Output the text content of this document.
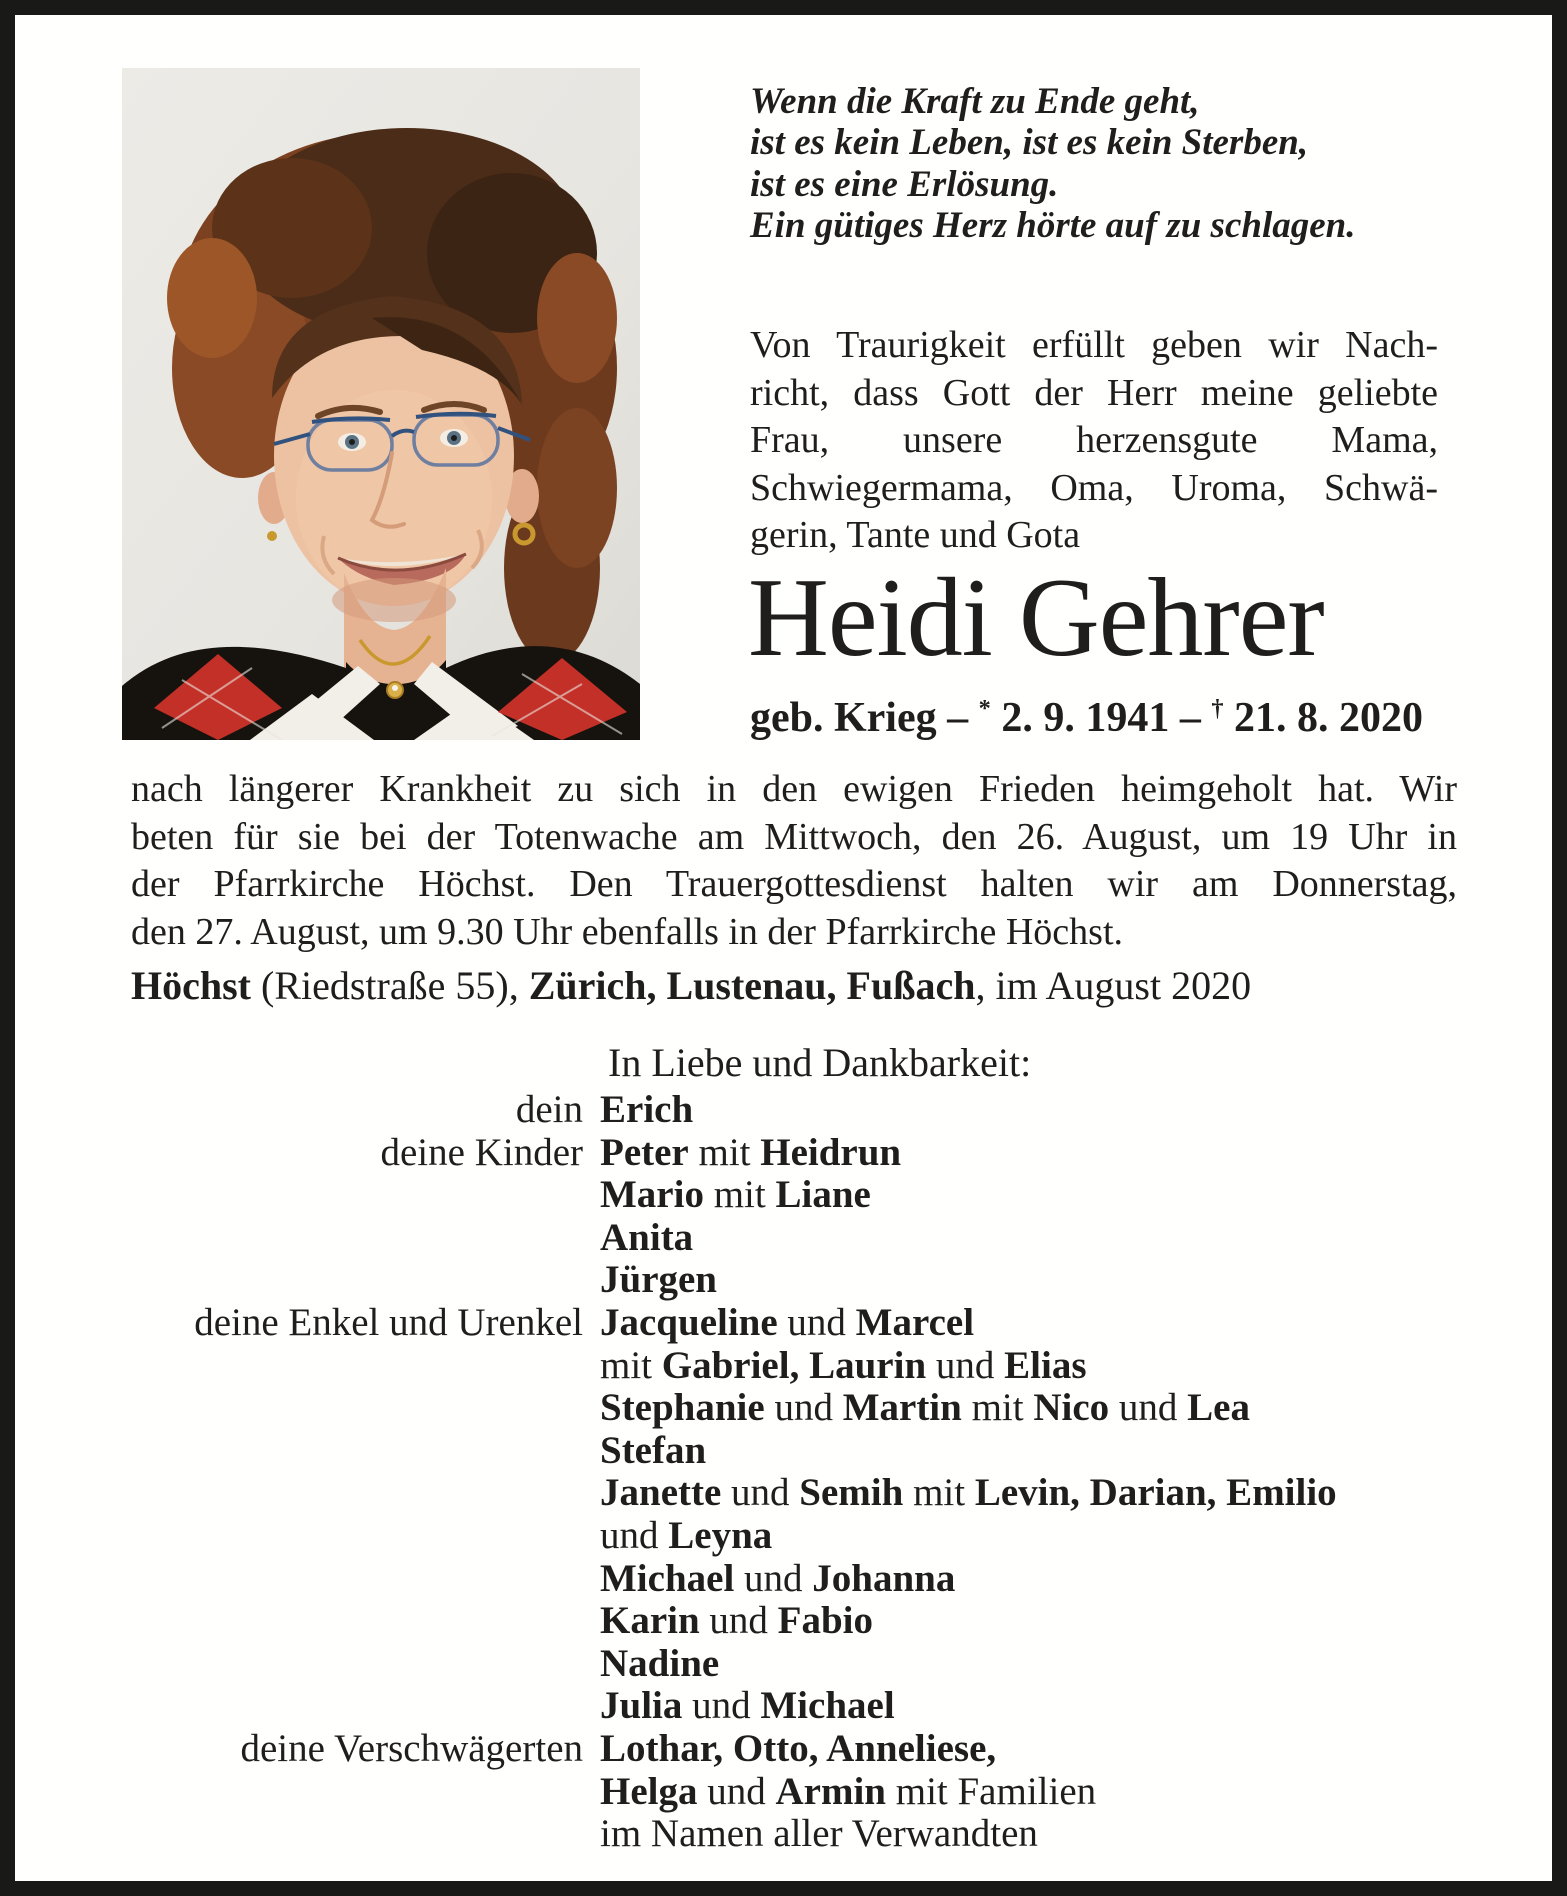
Wenn die Kraft zu Ende geht,
ist es kein Leben, ist es kein Sterben,
ist es eine Erlösung.
Ein gütiges Herz hörte auf zu schlagen.
Von Traurigkeit erfüllt geben wir Nach-
richt, dass Gott der Herr meine geliebte
Frau, unsere herzensgute Mama,
Schwiegermama, Oma, Uroma, Schwä-
gerin, Tante und Gota
Heidi Gehrer
geb. Krieg – * 2. 9. 1941 – † 21. 8. 2020
nach längerer Krankheit zu sich in den ewigen Frieden heimgeholt hat. Wir
beten für sie bei der Totenwache am Mittwoch, den 26. August, um 19 Uhr in
der Pfarrkirche Höchst. Den Trauergottesdienst halten wir am Donnerstag,
den 27. August, um 9.30 Uhr ebenfalls in der Pfarrkirche Höchst.
Höchst (Riedstraße 55), Zürich, Lustenau, Fußach, im August 2020
In Liebe und Dankbarkeit:
dein Erich
deine Kinder Peter mit Heidrun
Mario mit Liane
Anita
Jürgen
deine Enkel und Urenkel Jacqueline und Marcel
mit Gabriel, Laurin und Elias
Stephanie und Martin mit Nico und Lea
Stefan
Janette und Semih mit Levin, Darian, Emilio
und Leyna
Michael und Johanna
Karin und Fabio
Nadine
Julia und Michael
deine Verschwägerten Lothar, Otto, Anneliese,
Helga und Armin mit Familien
im Namen aller Verwandten
